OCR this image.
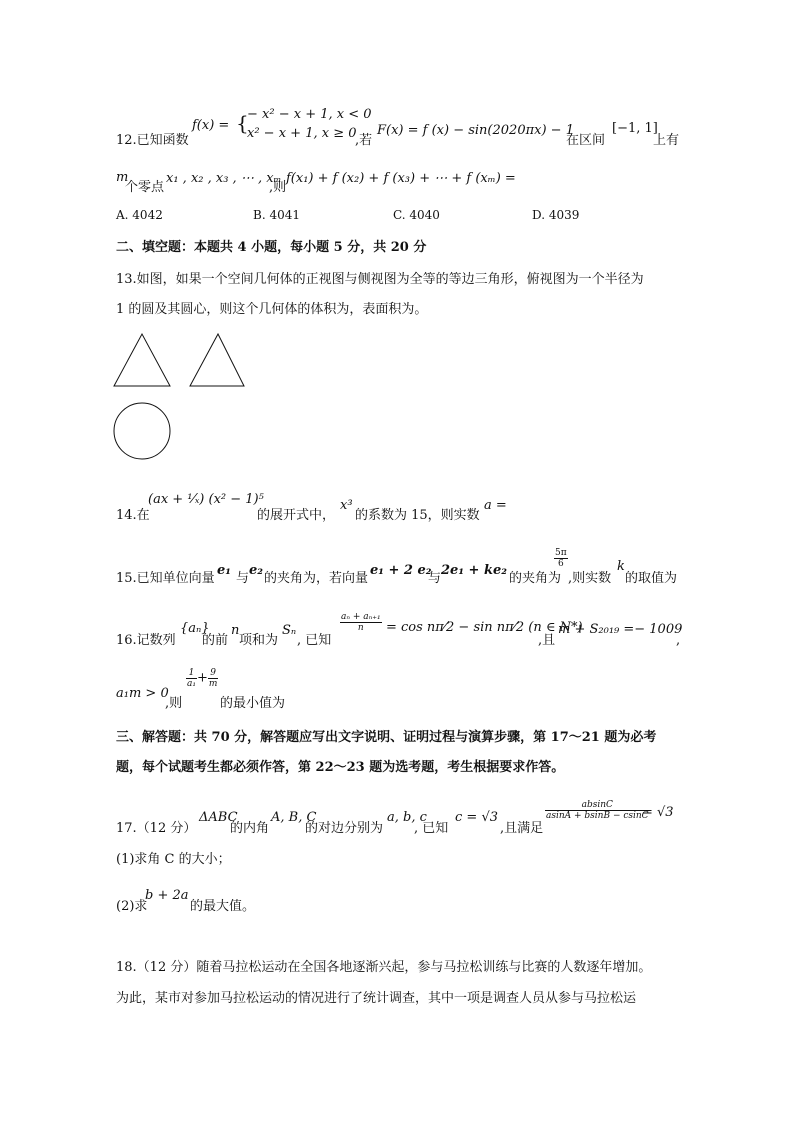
12.已知函数
f(x) = {
− x² − x + 1, x < 0
x² − x + 1, x ≥ 0
,若
F(x) = f (x) − sin(2020πx) − 1
在区间
[−1, 1]
上有
m
个零点
x₁ , x₂ , x₃ , ⋯ , xₘ
,则
f(x₁) + f (x₂) + f (x₃) + ⋯ + f (xₘ) =
A. 4042	B. 4041	C. 4040	D. 4039
二、填空题：本题共 4 小题，每小题 5 分，共 20 分
13.如图，如果一个空间几何体的正视图与侧视图为全等的等边三角形，俯视图为一个半径为
1 的圆及其圆心，则这个几何体的体积为，表面积为。
14.在
(ax + ¹⁄ₓ) (x² − 1)⁵
的展开式中，
x³
的系数为 15，则实数
a =
15.已知单位向量
e₁
与
e₂
的夹角为，若向量
e₁ + 2 e₂
与
2e₁ + ke₂
的夹角为
$\frac{5\pi}{6}$
,则实数
k
的取值为
16.记数列
{aₙ}
的前
n
项和为
Sₙ
, 已知
$\frac{\text{aₙ + aₙ₊₁}}{n} = \cos$ nπ⁄2 − sin nπ⁄2 (n ∈ N*)
,且
m + S₂₀₁₉ =− 1009
,
a₁m > 0
,则
$\frac{1}{\text{a₁}} + \frac{9}{m}$
的最小值为
三、解答题：共 70 分，解答题应写出文字说明、证明过程与演算步骤，第 17～21 题为必考
题，每个试题考生都必须作答，第 22～23 题为选考题，考生根据要求作答。
17.（12 分）
ΔABC
的内角
A, B, C
的对边分别为
a, b, c
, 已知
c = √3
,且满足
$\frac{absinC}{asinA + bsinB - csinC}$
= √3
(1)求角 C 的大小；
(2)求
b + 2a
的最大值。
18.（12 分）随着马拉松运动在全国各地逐渐兴起，参与马拉松训练与比赛的人数逐年增加。
为此，某市对参加马拉松运动的情况进行了统计调查，其中一项是调查人员从参与马拉松运
